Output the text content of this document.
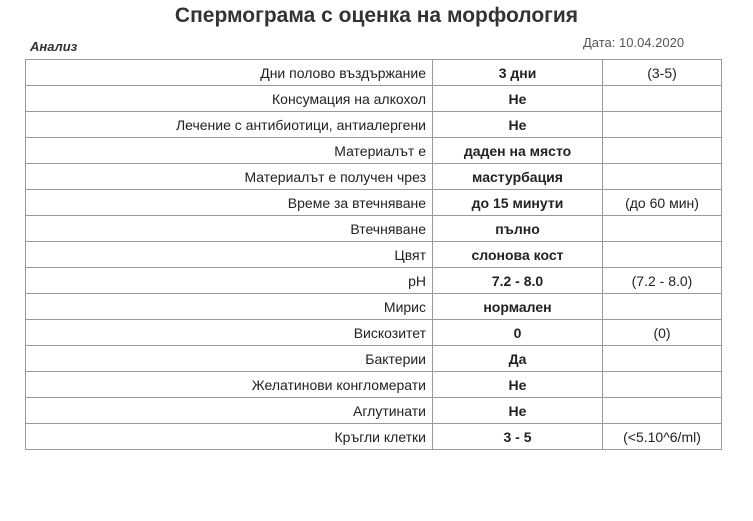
Спермограма с оценка на морфология
Анализ	Дата: 10.04.2020
Дни полово въздържание	3 дни	(3-5)
Консумация на алкохол	Не	
Лечение с антибиотици, антиалергени	Не	
Материалът е	даден на място	
Материалът е получен чрез	мастурбация	
Време за втечняване	до 15 минути	(до 60 мин)
Втечняване	пълно	
Цвят	слонова кост	
pH	7.2 - 8.0	(7.2 - 8.0)
Мирис	нормален	
Вискозитет	0	(0)
Бактерии	Да	
Желатинови конгломерати	Не	
Аглутинати	Не	
Кръгли клетки	3 - 5	(<5.10^6/ml)
